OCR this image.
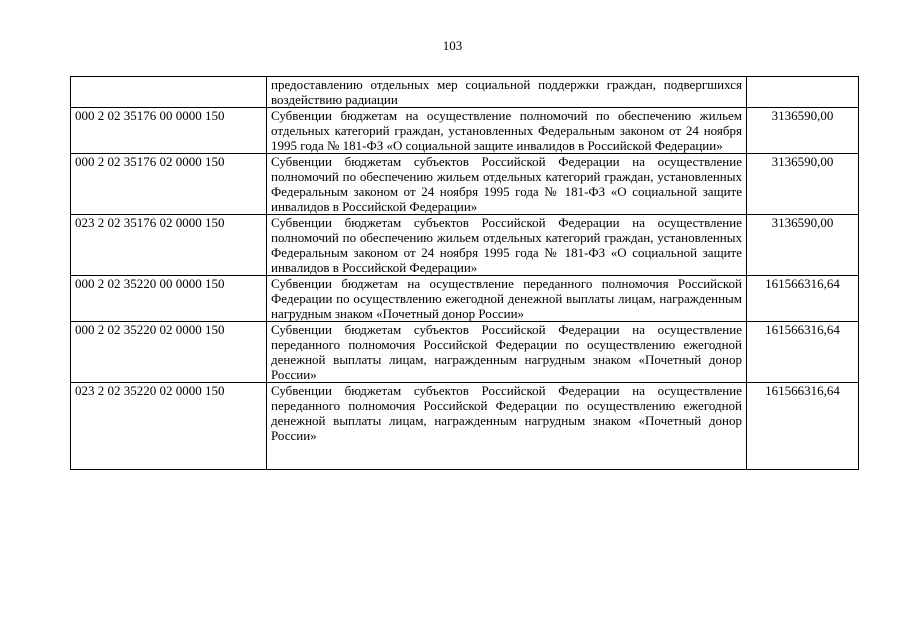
103
	предоставлению отдельных мер социальной поддержки граждан, подвергшихся воздействию радиации	
000 2 02 35176 00 0000 150	Субвенции бюджетам на осуществление полномочий по обеспечению жильем отдельных категорий граждан, установленных Федеральным законом от 24 ноября 1995 года № 181-ФЗ «О социальной защите инвалидов в Российской Федерации»	3136590,00
000 2 02 35176 02 0000 150	Субвенции бюджетам субъектов Российской Федерации на осуществление полномочий по обеспечению жильем отдельных категорий граждан, установленных Федеральным законом от 24 ноября 1995 года № 181-ФЗ «О социальной защите инвалидов в Российской Федерации»	3136590,00
023 2 02 35176 02 0000 150	Субвенции бюджетам субъектов Российской Федерации на осуществление полномочий по обеспечению жильем отдельных категорий граждан, установленных Федеральным законом от 24 ноября 1995 года № 181-ФЗ «О социальной защите инвалидов в Российской Федерации»	3136590,00
000 2 02 35220 00 0000 150	Субвенции бюджетам на осуществление переданного полномочия Российской Федерации по осуществлению ежегодной денежной выплаты лицам, награжденным нагрудным знаком «Почетный донор России»	161566316,64
000 2 02 35220 02 0000 150	Субвенции бюджетам субъектов Российской Федерации на осуществление переданного полномочия Российской Федерации по осуществлению ежегодной денежной выплаты лицам, награжденным нагрудным знаком «Почетный донор России»	161566316,64
023 2 02 35220 02 0000 150	Субвенции бюджетам субъектов Российской Федерации на осуществление переданного полномочия Российской Федерации по осуществлению ежегодной денежной выплаты лицам, награжденным нагрудным знаком «Почетный донор России»	161566316,64
